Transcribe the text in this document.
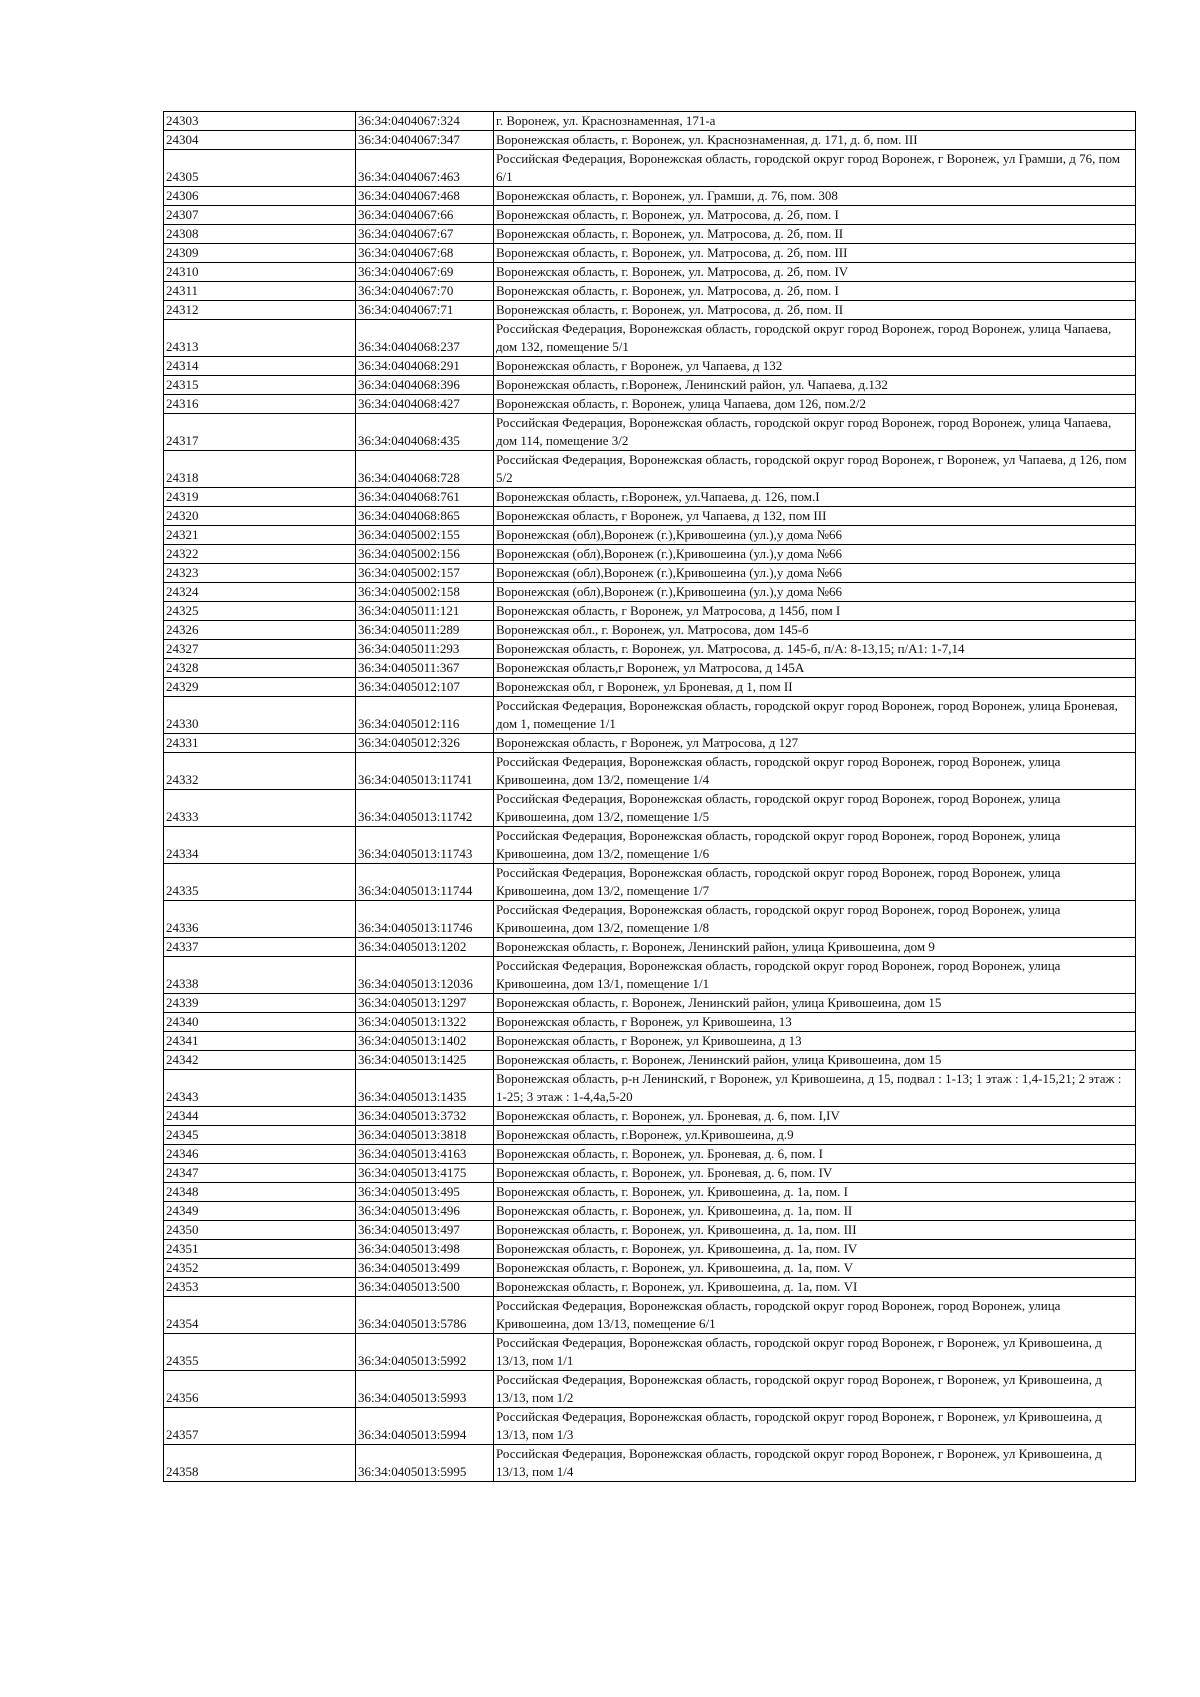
24303	36:34:0404067:324	г. Воронеж, ул. Краснознаменная, 171-а
24304	36:34:0404067:347	Воронежская область, г. Воронеж, ул. Краснознаменная, д. 171, д. б, пом. III
24305	36:34:0404067:463	Российская Федерация, Воронежская область, городской округ город Воронеж, г Воронеж, ул Грамши, д 76, пом 6/1
24306	36:34:0404067:468	Воронежская область, г. Воронеж, ул. Грамши, д. 76, пом. 308
24307	36:34:0404067:66	Воронежская область, г. Воронеж, ул. Матросова, д. 2б, пом. I
24308	36:34:0404067:67	Воронежская область, г. Воронеж, ул. Матросова, д. 2б, пом. II
24309	36:34:0404067:68	Воронежская область, г. Воронеж, ул. Матросова, д. 2б, пом. III
24310	36:34:0404067:69	Воронежская область, г. Воронеж, ул. Матросова, д. 2б, пом. IV
24311	36:34:0404067:70	Воронежская область, г. Воронеж, ул. Матросова, д. 2б, пом. I
24312	36:34:0404067:71	Воронежская область, г. Воронеж, ул. Матросова, д. 2б, пом. II
24313	36:34:0404068:237	Российская Федерация, Воронежская область, городской округ город Воронеж, город Воронеж, улица Чапаева, дом 132, помещение 5/1
24314	36:34:0404068:291	Воронежская область, г Воронеж, ул Чапаева, д 132
24315	36:34:0404068:396	Воронежская область, г.Воронеж, Ленинский район, ул. Чапаева, д.132
24316	36:34:0404068:427	Воронежская область, г. Воронеж, улица Чапаева, дом 126, пом.2/2
24317	36:34:0404068:435	Российская Федерация, Воронежская область, городской округ город Воронеж, город Воронеж, улица Чапаева, дом 114, помещение 3/2
24318	36:34:0404068:728	Российская Федерация, Воронежская область, городской округ город Воронеж, г Воронеж, ул Чапаева, д 126, пом 5/2
24319	36:34:0404068:761	Воронежская область, г.Воронеж, ул.Чапаева, д. 126, пом.I
24320	36:34:0404068:865	Воронежская область, г Воронеж, ул Чапаева, д 132, пом III
24321	36:34:0405002:155	Воронежская (обл),Воронеж (г.),Кривошеина (ул.),у дома №66
24322	36:34:0405002:156	Воронежская (обл),Воронеж (г.),Кривошеина (ул.),у дома №66
24323	36:34:0405002:157	Воронежская (обл),Воронеж (г.),Кривошеина (ул.),у дома №66
24324	36:34:0405002:158	Воронежская (обл),Воронеж (г.),Кривошеина (ул.),у дома №66
24325	36:34:0405011:121	Воронежская область, г Воронеж, ул Матросова, д 145б, пом I
24326	36:34:0405011:289	Воронежская обл., г. Воронеж, ул. Матросова, дом 145-б
24327	36:34:0405011:293	Воронежская область, г. Воронеж, ул. Матросова, д. 145-б, п/А: 8-13,15; п/А1: 1-7,14
24328	36:34:0405011:367	Воронежская область,г Воронеж, ул Матросова, д 145А
24329	36:34:0405012:107	Воронежская обл, г Воронеж, ул Броневая, д 1, пом II
24330	36:34:0405012:116	Российская Федерация, Воронежская область, городской округ город Воронеж, город Воронеж, улица Броневая, дом 1, помещение 1/1
24331	36:34:0405012:326	Воронежская область, г Воронеж, ул Матросова, д 127
24332	36:34:0405013:11741	Российская Федерация, Воронежская область, городской округ город Воронеж, город Воронеж, улица Кривошеина, дом 13/2, помещение 1/4
24333	36:34:0405013:11742	Российская Федерация, Воронежская область, городской округ город Воронеж, город Воронеж, улица Кривошеина, дом 13/2, помещение 1/5
24334	36:34:0405013:11743	Российская Федерация, Воронежская область, городской округ город Воронеж, город Воронеж, улица Кривошеина, дом 13/2, помещение 1/6
24335	36:34:0405013:11744	Российская Федерация, Воронежская область, городской округ город Воронеж, город Воронеж, улица Кривошеина, дом 13/2, помещение 1/7
24336	36:34:0405013:11746	Российская Федерация, Воронежская область, городской округ город Воронеж, город Воронеж, улица Кривошеина, дом 13/2, помещение 1/8
24337	36:34:0405013:1202	Воронежская область, г. Воронеж, Ленинский район, улица Кривошеина, дом 9
24338	36:34:0405013:12036	Российская Федерация, Воронежская область, городской округ город Воронеж, город Воронеж, улица Кривошеина, дом 13/1, помещение 1/1
24339	36:34:0405013:1297	Воронежская область, г. Воронеж, Ленинский район, улица Кривошеина, дом 15
24340	36:34:0405013:1322	Воронежская область, г Воронеж, ул Кривошеина, 13
24341	36:34:0405013:1402	Воронежская область, г Воронеж, ул Кривошеина, д 13
24342	36:34:0405013:1425	Воронежская область, г. Воронеж, Ленинский район, улица Кривошеина, дом 15
24343	36:34:0405013:1435	Воронежская область, р-н Ленинский, г Воронеж, ул Кривошеина, д 15, подвал : 1-13; 1 этаж : 1,4-15,21; 2 этаж : 1-25; 3 этаж : 1-4,4а,5-20
24344	36:34:0405013:3732	Воронежская область, г. Воронеж, ул. Броневая, д. 6, пом. I,IV
24345	36:34:0405013:3818	Воронежская область, г.Воронеж, ул.Кривошеина, д.9
24346	36:34:0405013:4163	Воронежская область, г. Воронеж, ул. Броневая, д. 6, пом. I
24347	36:34:0405013:4175	Воронежская область, г. Воронеж, ул. Броневая, д. 6, пом. IV
24348	36:34:0405013:495	Воронежская область, г. Воронеж, ул. Кривошеина, д. 1а, пом. I
24349	36:34:0405013:496	Воронежская область, г. Воронеж, ул. Кривошеина, д. 1а, пом. II
24350	36:34:0405013:497	Воронежская область, г. Воронеж, ул. Кривошеина, д. 1а, пом. III
24351	36:34:0405013:498	Воронежская область, г. Воронеж, ул. Кривошеина, д. 1а, пом. IV
24352	36:34:0405013:499	Воронежская область, г. Воронеж, ул. Кривошеина, д. 1а, пом. V
24353	36:34:0405013:500	Воронежская область, г. Воронеж, ул. Кривошеина, д. 1а, пом. VI
24354	36:34:0405013:5786	Российская Федерация, Воронежская область, городской округ город Воронеж, город Воронеж, улица Кривошеина, дом 13/13, помещение 6/1
24355	36:34:0405013:5992	Российская Федерация, Воронежская область, городской округ город Воронеж, г Воронеж, ул Кривошеина, д 13/13, пом 1/1
24356	36:34:0405013:5993	Российская Федерация, Воронежская область, городской округ город Воронеж, г Воронеж, ул Кривошеина, д 13/13, пом 1/2
24357	36:34:0405013:5994	Российская Федерация, Воронежская область, городской округ город Воронеж, г Воронеж, ул Кривошеина, д 13/13, пом 1/3
24358	36:34:0405013:5995	Российская Федерация, Воронежская область, городской округ город Воронеж, г Воронеж, ул Кривошеина, д 13/13, пом 1/4
